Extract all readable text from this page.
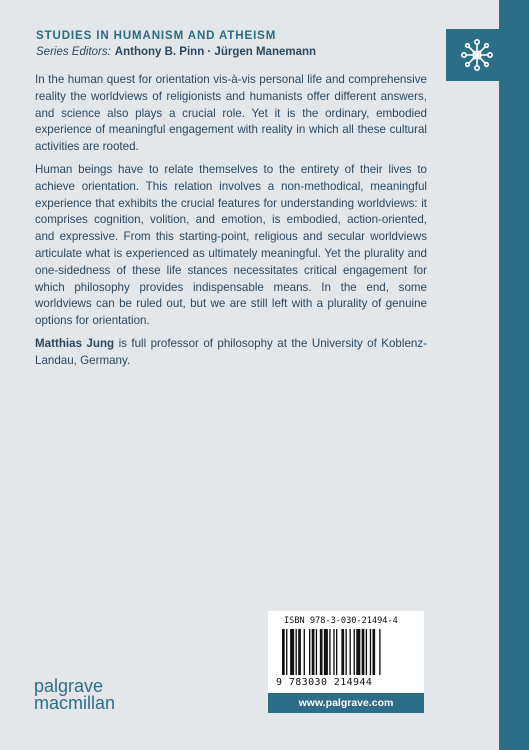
STUDIES IN HUMANISM AND ATHEISM
Series Editors: Anthony B. Pinn · Jürgen Manemann

In the human quest for orientation vis-à-vis personal life and comprehensive reality the worldviews of religionists and humanists offer different answers, and science also plays a crucial role. Yet it is the ordinary, embodied experience of meaningful engagement with reality in which all these cultural activities are rooted.

Human beings have to relate themselves to the entirety of their lives to achieve orientation. This relation involves a non-methodical, meaningful experience that exhibits the crucial features for understanding worldviews: it comprises cognition, volition, and emotion, is embodied, action-oriented, and expressive. From this starting-point, religious and secular worldviews articulate what is experienced as ultimately meaningful. Yet the plurality and one-sidedness of these life stances necessitates critical engagement for which philosophy provides indispensable means. In the end, some worldviews can be ruled out, but we are still left with a plurality of genuine options for orientation.

Matthias Jung is full professor of philosophy at the University of Koblenz-Landau, Germany.

ISBN 978-3-030-21494-4
9 783030 214944
www.palgrave.com
palgrave
macmillan
